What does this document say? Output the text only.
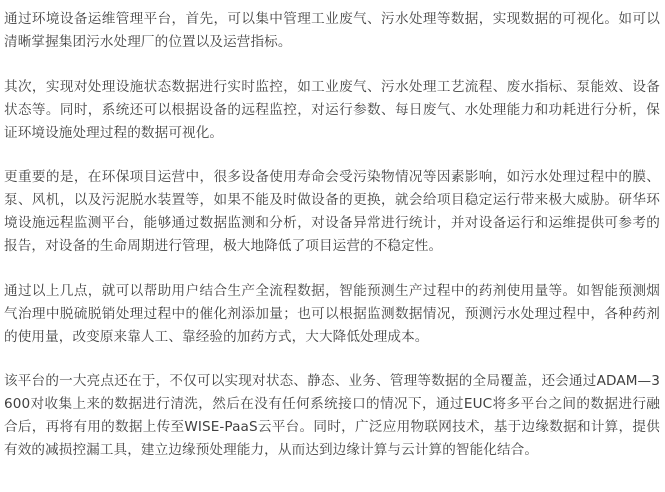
通过环境设备运维管理平台，首先，可以集中管理工业废气、污水处理等数据，实现数据的可视化。如可以清晰掌握集团污水处理厂的位置以及运营指标。

其次，实现对处理设施状态数据进行实时监控，如工业废气、污水处理工艺流程、废水指标、泵能效、设备状态等。同时，系统还可以根据设备的远程监控，对运行参数、每日废气、水处理能力和功耗进行分析，保证环境设施处理过程的数据可视化。

更重要的是，在环保项目运营中，很多设备使用寿命会受污染物情况等因素影响，如污水处理过程中的膜、泵、风机，以及污泥脱水装置等，如果不能及时做设备的更换，就会给项目稳定运行带来极大威胁。研华环境设施远程监测平台，能够通过数据监测和分析，对设备异常进行统计，并对设备运行和运维提供可参考的报告，对设备的生命周期进行管理，极大地降低了项目运营的不稳定性。

通过以上几点，就可以帮助用户结合生产全流程数据，智能预测生产过程中的药剂使用量等。如智能预测烟气治理中脱硫脱销处理过程中的催化剂添加量；也可以根据监测数据情况，预测污水处理过程中，各种药剂的使用量，改变原来靠人工、靠经验的加药方式，大大降低处理成本。

该平台的一大亮点还在于，不仅可以实现对状态、静态、业务、管理等数据的全局覆盖，还会通过ADAM—3600对收集上来的数据进行清洗，然后在没有任何系统接口的情况下，通过EUC将多平台之间的数据进行融合后，再将有用的数据上传至WISE-PaaS云平台。同时，广泛应用物联网技术，基于边缘数据和计算，提供有效的减损控漏工具，建立边缘预处理能力，从而达到边缘计算与云计算的智能化结合。
